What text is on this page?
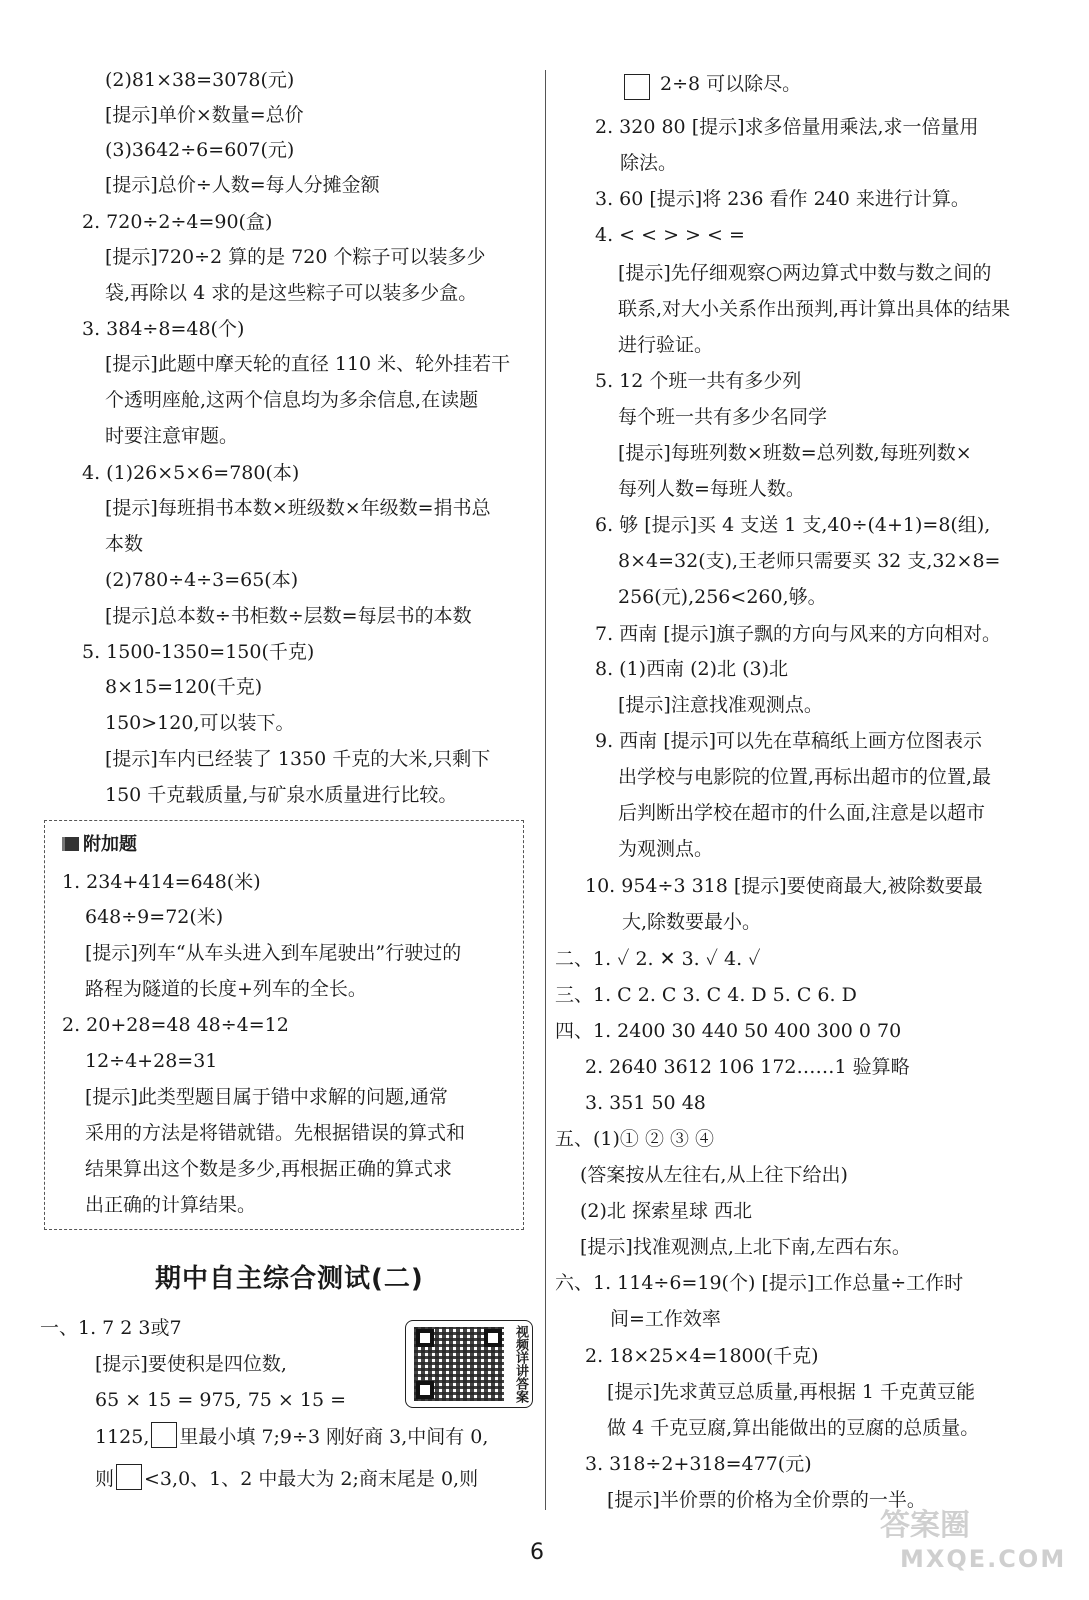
(2)81×38=3078(元)
[提示]单价×数量=总价
(3)3642÷6=607(元)
[提示]总价÷人数=每人分摊金额
2. 720÷2÷4=90(盒)
[提示]720÷2 算的是 720 个粽子可以装多少
袋,再除以 4 求的是这些粽子可以装多少盒。
3. 384÷8=48(个)
[提示]此题中摩天轮的直径 110 米、轮外挂若干
个透明座舱,这两个信息均为多余信息,在读题
时要注意审题。
4. (1)26×5×6=780(本)
[提示]每班捐书本数×班级数×年级数=捐书总
本数
(2)780÷4÷3=65(本)
[提示]总本数÷书柜数÷层数=每层书的本数
5. 1500-1350=150(千克)
8×15=120(千克)
150>120,可以装下。
[提示]车内已经装了 1350 千克的大米,只剩下
150 千克载质量,与矿泉水质量进行比较。
1. 234+414=648(米)
648÷9=72(米)
[提示]列车“从车头进入到车尾驶出”行驶过的
路程为隧道的长度+列车的全长。
2. 20+28=48 48÷4=12
12÷4+28=31
[提示]此类型题目属于错中求解的问题,通常
采用的方法是将错就错。先根据错误的算式和
结果算出这个数是多少,再根据正确的算式求
出正确的计算结果。
一、1. 7 2 3或7
[提示]要使积是四位数,
65 × 15 = 975, 75 × 15 =
2÷8 可以除尽。
2. 320 80 [提示]求多倍量用乘法,求一倍量用
除法。
3. 60 [提示]将 236 看作 240 来进行计算。
4. < < > > < =
[提示]先仔细观察○两边算式中数与数之间的
联系,对大小关系作出预判,再计算出具体的结果
进行验证。
5. 12 个班一共有多少列
每个班一共有多少名同学
[提示]每班列数×班数=总列数,每班列数×
每列人数=每班人数。
6. 够 [提示]买 4 支送 1 支,40÷(4+1)=8(组),
8×4=32(支),王老师只需要买 32 支,32×8=
256(元),256<260,够。
7. 西南 [提示]旗子飘的方向与风来的方向相对。
8. (1)西南 (2)北 (3)北
[提示]注意找准观测点。
9. 西南 [提示]可以先在草稿纸上画方位图表示
出学校与电影院的位置,再标出超市的位置,最
后判断出学校在超市的什么面,注意是以超市
为观测点。
10. 954÷3 318 [提示]要使商最大,被除数要最
大,除数要最小。
二、1. ✓ 2. ✕ 3. ✓ 4. ✓
三、1. C 2. C 3. C 4. D 5. C 6. D
四、1. 2400 30 440 50 400 300 0 70
2. 2640 3612 106 172……1 验算略
3. 351 50 48
五、(1)① ② ③ ④
(答案按从左往右,从上往下给出)
(2)北 探索星球 西北
[提示]找准观测点,上北下南,左西右东。
六、1. 114÷6=19(个) [提示]工作总量÷工作时
间=工作效率
2. 18×25×4=1800(千克)
[提示]先求黄豆总质量,再根据 1 千克黄豆能
做 4 千克豆腐,算出能做出的豆腐的总质量。
3. 318÷2+318=477(元)
[提示]半价票的价格为全价票的一半。
附加题
期中自主综合测试(二)
1125, 里最小填 7;9÷3 刚好商 3,中间有 0,
则 <3,0、1、2 中最大为 2;商末尾是 0,则
视频详讲答案
6
答案圈
MXQE.COM
